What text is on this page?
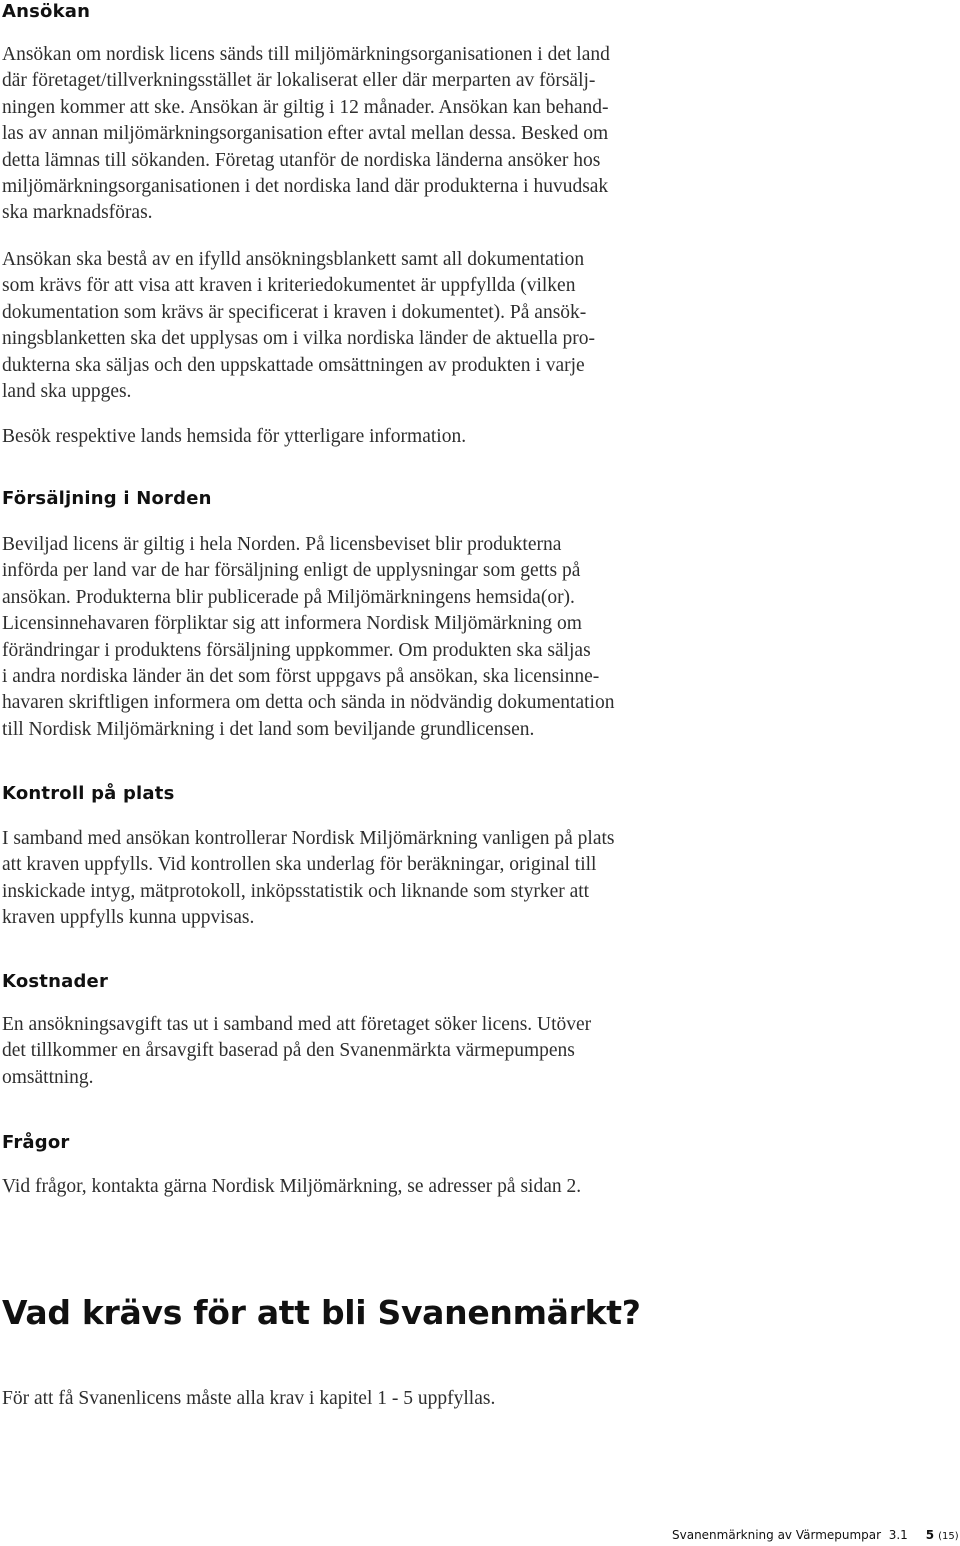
Ansökan

Ansökan om nordisk licens sänds till miljömärkningsorganisationen i det land
där företaget/tillverkningsstället är lokaliserat eller där merparten av försälj-
ningen kommer att ske. Ansökan är giltig i 12 månader. Ansökan kan behand-
las av annan miljömärkningsorganisation efter avtal mellan dessa. Besked om
detta lämnas till sökanden. Företag utanför de nordiska länderna ansöker hos
miljömärkningsorganisationen i det nordiska land där produkterna i huvudsak
ska marknadsföras.

Ansökan ska bestå av en ifylld ansökningsblankett samt all dokumentation
som krävs för att visa att kraven i kriteriedokumentet är uppfyllda (vilken
dokumentation som krävs är specificerat i kraven i dokumentet). På ansök-
ningsblanketten ska det upplysas om i vilka nordiska länder de aktuella pro-
dukterna ska säljas och den uppskattade omsättningen av produkten i varje
land ska uppges.

Besök respektive lands hemsida för ytterligare information.

Försäljning i Norden

Beviljad licens är giltig i hela Norden. På licensbeviset blir produkterna
införda per land var de har försäljning enligt de upplysningar som getts på
ansökan. Produkterna blir publicerade på Miljömärkningens hemsida(or).
Licensinnehavaren förpliktar sig att informera Nordisk Miljömärkning om
förändringar i produktens försäljning uppkommer. Om produkten ska säljas
i andra nordiska länder än det som först uppgavs på ansökan, ska licensinne-
havaren skriftligen informera om detta och sända in nödvändig dokumentation
till Nordisk Miljömärkning i det land som beviljande grundlicensen.

Kontroll på plats

I samband med ansökan kontrollerar Nordisk Miljömärkning vanligen på plats
att kraven uppfylls. Vid kontrollen ska underlag för beräkningar, original till
inskickade intyg, mätprotokoll, inköpsstatistik och liknande som styrker att
kraven uppfylls kunna uppvisas.

Kostnader

En ansökningsavgift tas ut i samband med att företaget söker licens. Utöver
det tillkommer en årsavgift baserad på den Svanenmärkta värmepumpens
omsättning.

Frågor

Vid frågor, kontakta gärna Nordisk Miljömärkning, se adresser på sidan 2.

Vad krävs för att bli Svanenmärkt?

För att få Svanenlicens måste alla krav i kapitel 1 - 5 uppfyllas.

Svanenmärkning av Värmepumpar  3.1 5 (15)
